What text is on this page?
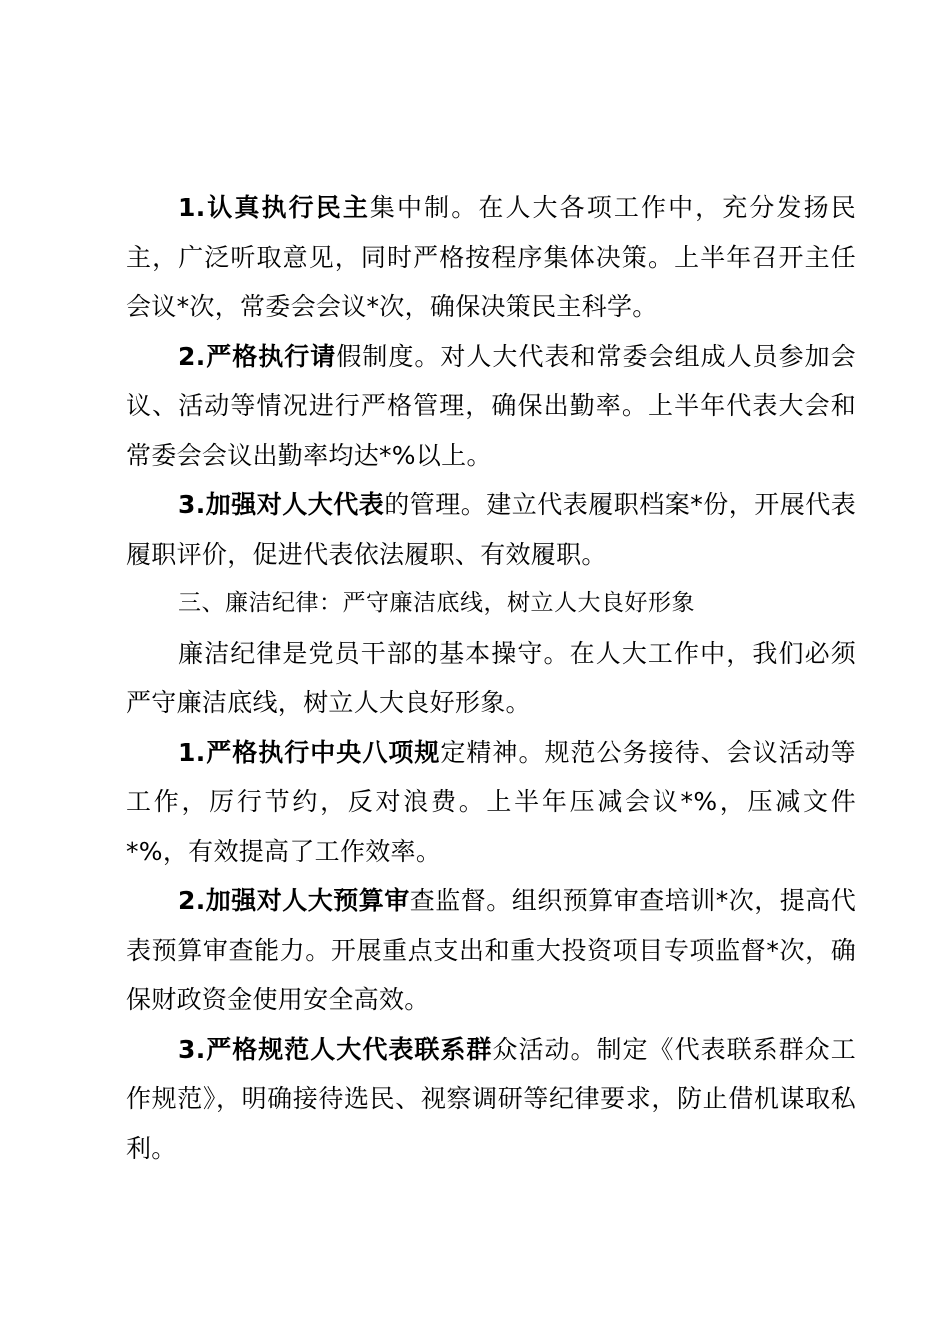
1.认真执行民主集中制。在人大各项工作中，充分发扬民主，广泛听取意见，同时严格按程序集体决策。上半年召开主任会议*次，常委会会议*次，确保决策民主科学。

2.严格执行请假制度。对人大代表和常委会组成人员参加会议、活动等情况进行严格管理，确保出勤率。上半年代表大会和常委会会议出勤率均达*%以上。

3.加强对人大代表的管理。建立代表履职档案*份，开展代表履职评价，促进代表依法履职、有效履职。

三、廉洁纪律：严守廉洁底线，树立人大良好形象

廉洁纪律是党员干部的基本操守。在人大工作中，我们必须严守廉洁底线，树立人大良好形象。

1.严格执行中央八项规定精神。规范公务接待、会议活动等工作，厉行节约，反对浪费。上半年压减会议*%，压减文件*%，有效提高了工作效率。

2.加强对人大预算审查监督。组织预算审查培训*次，提高代表预算审查能力。开展重点支出和重大投资项目专项监督*次，确保财政资金使用安全高效。

3.严格规范人大代表联系群众活动。制定《代表联系群众工作规范》，明确接待选民、视察调研等纪律要求，防止借机谋取私利。
